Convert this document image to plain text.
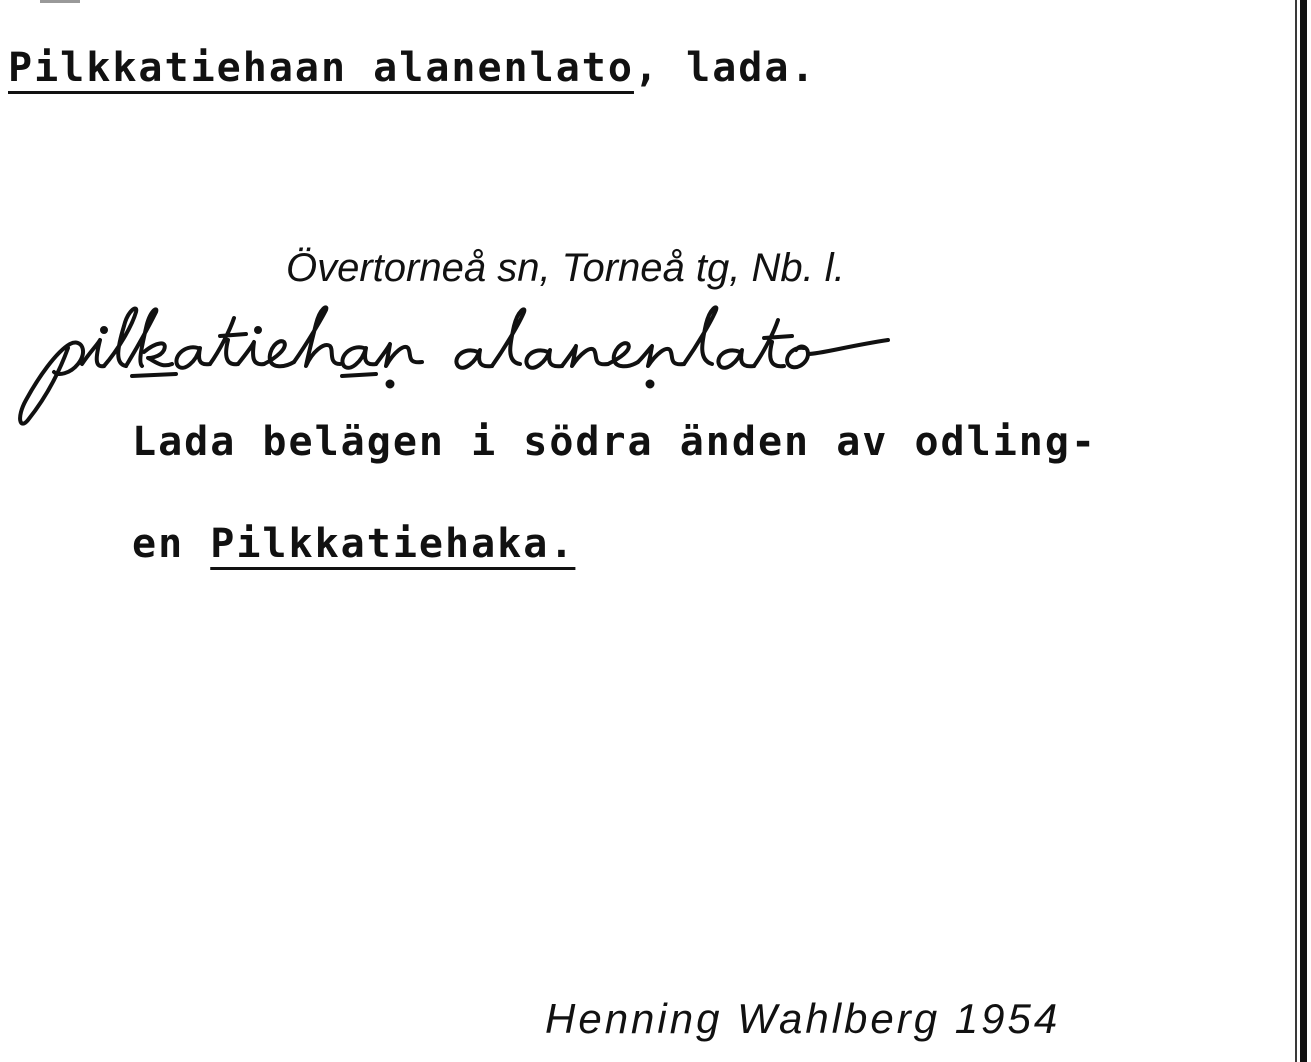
Pilkkatiehaan alanenlato, lada.
Övertorneå sn, Torneå tg, Nb. l.
Lada belägen i södra änden av odling-
en Pilkkatiehaka.
Henning Wahlberg 1954
